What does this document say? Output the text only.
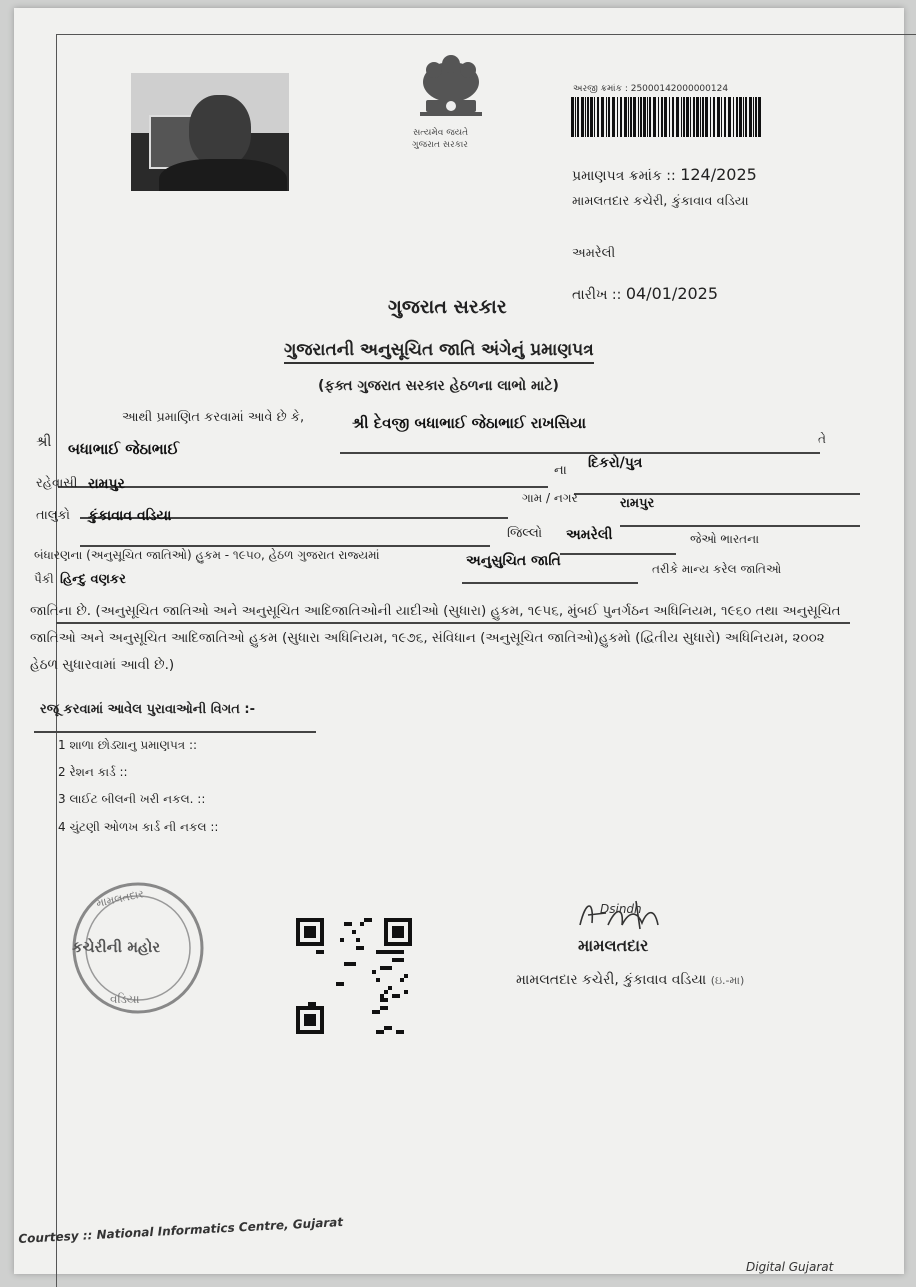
સત્યમેવ જયતે
ગુજરાત સરકાર
અરજી ક્રમાંક : 25000142000000124
પ્રમાણપત્ર ક્રમાંક :: 124/2025
મામલતદાર કચેરી, કુંકાવાવ વડિયા
અમરેલી
તારીખ :: 04/01/2025
ગુજરાત સરકાર
ગુજરાતની અનુસૂચિત જાતિ અંગેનું પ્રમાણપત્ર
(ફક્ત ગુજરાત સરકાર હેઠળના લાભો માટે)
આથી પ્રમાણિત કરવામાં આવે છે કે,	શ્રી દેવજી બધાભાઈ જેઠાભાઈ રાખસિયા
તે
શ્રી બધાભાઈ જેઠાભાઈ
ના દિકરો/પુત્ર
રહેવાસી રામપુર
ગામ / નગર	રામપુર
તાલુકો કુંકાવાવ વડિયા
જિલ્લો અમરેલી	જેઓ ભારતના
બંધારણના (અનુસૂચિત જાતિઓ) હુકમ - ૧૯૫૦, હેઠળ ગુજરાત રાજ્યમાં	અનુસુચિત જાતિ	તરીકે માન્ય કરેલ જાતિઓ
પૈકી હિન્દુ વણકર
જાતિના છે. (અનુસૂચિત જાતિઓ અને અનુસૂચિત આદિજાતિઓની યાદીઓ (સુધારા) હુકમ, ૧૯૫૬, મુંબઈ પુનર્ગઠન અધિનિયમ, ૧૯૬૦ તથા અનુસૂચિત જાતિઓ અને અનુસૂચિત આદિજાતિઓ હુકમ (સુધારા અધિનિયમ, ૧૯૭૬, સંવિધાન (અનુસૂચિત જાતિઓ)હુકમો (દ્વિતીય સુધારો) અધિનિયમ, ૨૦૦૨ હેઠળ સુધારવામાં આવી છે.)
રજૂ કરવામાં આવેલ પુરાવાઓની વિગત :-
1 શાળા છોડ્યાનુ પ્રમાણપત્ર ::
2 રેશન કાર્ડ ::
3 લાઈટ બીલની ખરી નકલ. ::
4 ચુંટણી ઓળખ કાર્ડ ની નકલ ::
મામલતદાર
કચેરીની મહોર
વડિયા
Dsindh
મામલતદાર
મામલતદાર કચેરી, કુંકાવાવ વડિયા (ઇ.-મા)
Courtesy :: National Informatics Centre, Gujarat
Digital Gujarat
